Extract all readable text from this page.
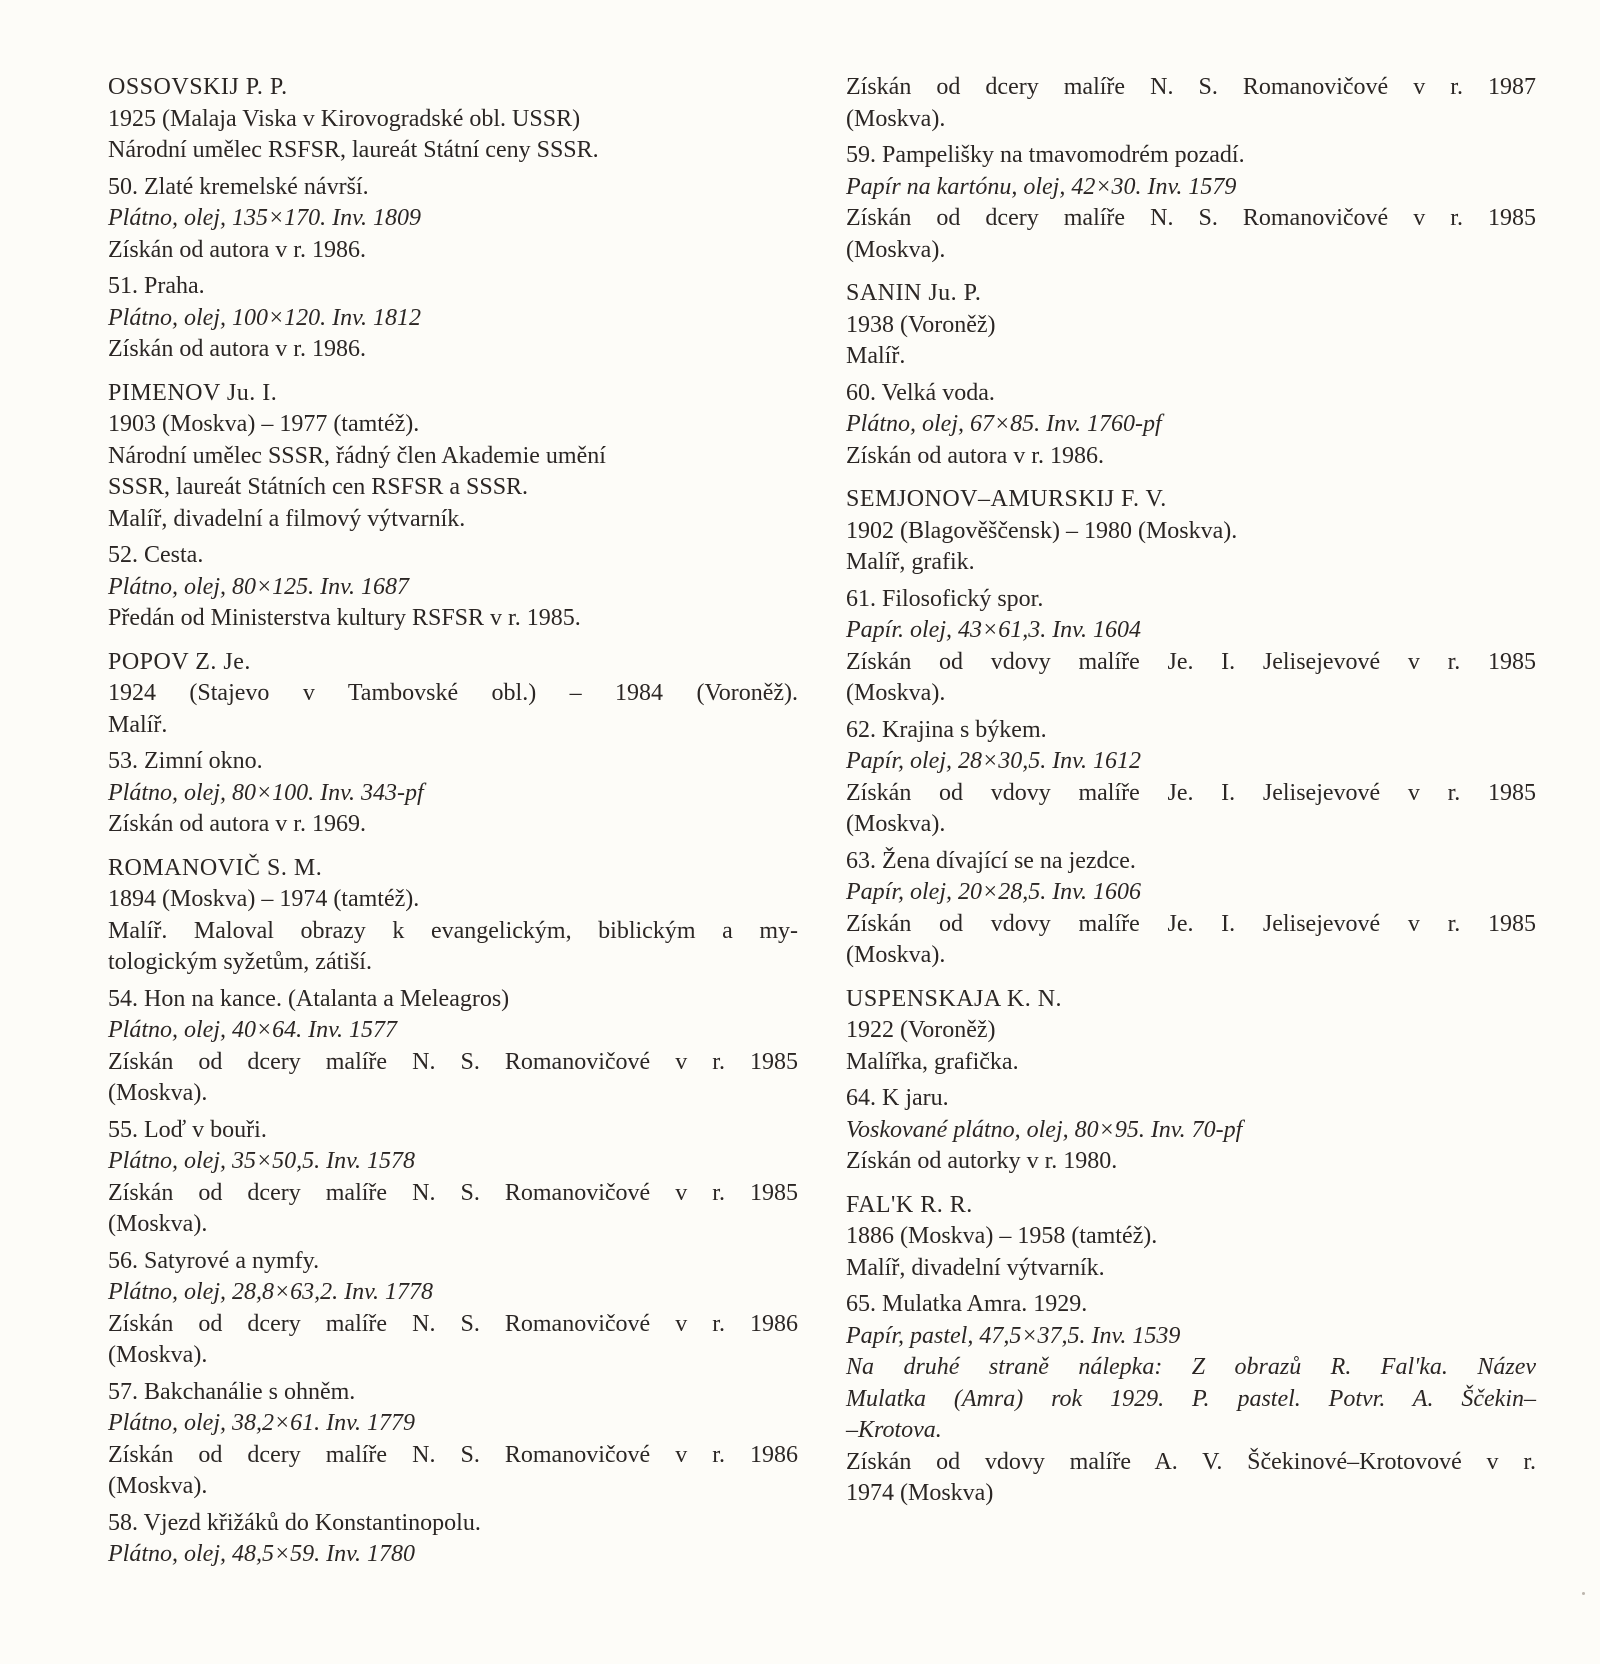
OSSOVSKIJ P. P.
1925 (Malaja Viska v Kirovogradské obl. USSR)
Národní umělec RSFSR, laureát Státní ceny SSSR.
50. Zlaté kremelské návrší.
Plátno, olej, 135×170. Inv. 1809
Získán od autora v r. 1986.
51. Praha.
Plátno, olej, 100×120. Inv. 1812
Získán od autora v r. 1986.
PIMENOV Ju. I.
1903 (Moskva) – 1977 (tamtéž).
Národní umělec SSSR, řádný člen Akademie umění
SSSR, laureát Státních cen RSFSR a SSSR.
Malíř, divadelní a filmový výtvarník.
52. Cesta.
Plátno, olej, 80×125. Inv. 1687
Předán od Ministerstva kultury RSFSR v r. 1985.
POPOV Z. Je.
1924 (Stajevo v Tambovské obl.) – 1984 (Voroněž).
Malíř.
53. Zimní okno.
Plátno, olej, 80×100. Inv. 343-pf
Získán od autora v r. 1969.
ROMANOVIČ S. M.
1894 (Moskva) – 1974 (tamtéž).
Malíř. Maloval obrazy k evangelickým, biblickým a my-
tologickým syžetům, zátiší.
54. Hon na kance. (Atalanta a Meleagros)
Plátno, olej, 40×64. Inv. 1577
Získán od dcery malíře N. S. Romanovičové v r. 1985
(Moskva).
55. Loď v bouři.
Plátno, olej, 35×50,5. Inv. 1578
Získán od dcery malíře N. S. Romanovičové v r. 1985
(Moskva).
56. Satyrové a nymfy.
Plátno, olej, 28,8×63,2. Inv. 1778
Získán od dcery malíře N. S. Romanovičové v r. 1986
(Moskva).
57. Bakchanálie s ohněm.
Plátno, olej, 38,2×61. Inv. 1779
Získán od dcery malíře N. S. Romanovičové v r. 1986
(Moskva).
58. Vjezd křižáků do Konstantinopolu.
Plátno, olej, 48,5×59. Inv. 1780
Získán od dcery malíře N. S. Romanovičové v r. 1987
(Moskva).
59. Pampelišky na tmavomodrém pozadí.
Papír na kartónu, olej, 42×30. Inv. 1579
Získán od dcery malíře N. S. Romanovičové v r. 1985
(Moskva).
SANIN Ju. P.
1938 (Voroněž)
Malíř.
60. Velká voda.
Plátno, olej, 67×85. Inv. 1760-pf
Získán od autora v r. 1986.
SEMJONOV–AMURSKIJ F. V.
1902 (Blagověščensk) – 1980 (Moskva).
Malíř, grafik.
61. Filosofický spor.
Papír. olej, 43×61,3. Inv. 1604
Získán od vdovy malíře Je. I. Jelisejevové v r. 1985
(Moskva).
62. Krajina s býkem.
Papír, olej, 28×30,5. Inv. 1612
Získán od vdovy malíře Je. I. Jelisejevové v r. 1985
(Moskva).
63. Žena dívající se na jezdce.
Papír, olej, 20×28,5. Inv. 1606
Získán od vdovy malíře Je. I. Jelisejevové v r. 1985
(Moskva).
USPENSKAJA K. N.
1922 (Voroněž)
Malířka, grafička.
64. K jaru.
Voskované plátno, olej, 80×95. Inv. 70-pf
Získán od autorky v r. 1980.
FAL'K R. R.
1886 (Moskva) – 1958 (tamtéž).
Malíř, divadelní výtvarník.
65. Mulatka Amra. 1929.
Papír, pastel, 47,5×37,5. Inv. 1539
Na druhé straně nálepka: Z obrazů R. Fal'ka. Název
Mulatka (Amra) rok 1929. P. pastel. Potvr. A. Ščekin–
–Krotova.
Získán od vdovy malíře A. V. Ščekinové–Krotovové v r.
1974 (Moskva)
